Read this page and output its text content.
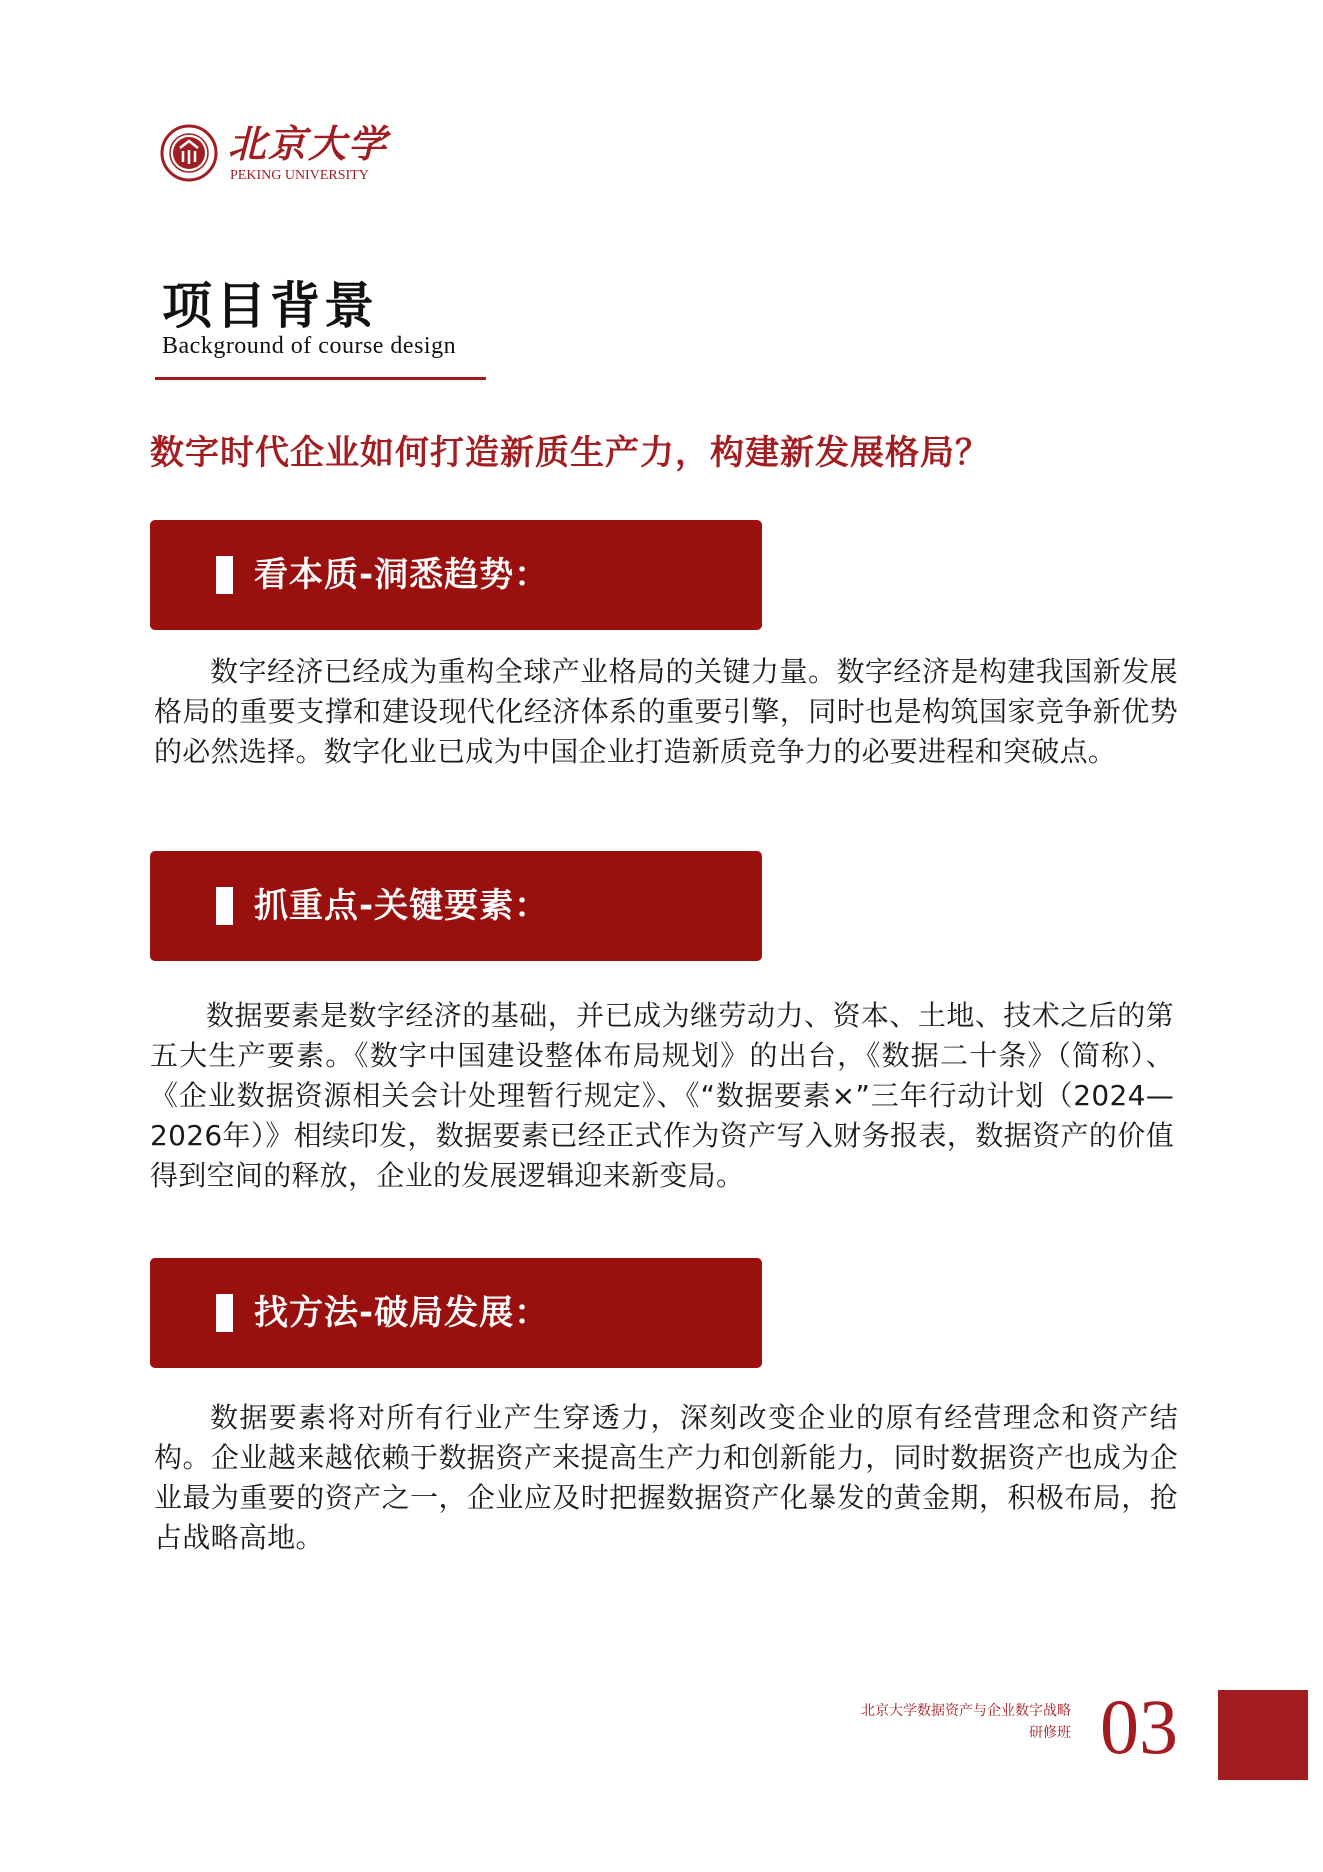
北京大学
PEKING UNIVERSITY
项目背景
Background of course design
数字时代企业如何打造新质生产力，构建新发展格局？
看本质-洞悉趋势：
数字经济已经成为重构全球产业格局的关键力量。数字经济是构建我国新发展格局的重要支撑和建设现代化经济体系的重要引擎，同时也是构筑国家竞争新优势的必然选择。数字化业已成为中国企业打造新质竞争力的必要进程和突破点。
抓重点-关键要素：
数据要素是数字经济的基础，并已成为继劳动力、资本、土地、技术之后的第五大生产要素。《数字中国建设整体布局规划》的出台，《数据二十条》（简称）、《企业数据资源相关会计处理暂行规定》、《“数据要素×”三年行动计划（2024—2026年）》相续印发，数据要素已经正式作为资产写入财务报表，数据资产的价值得到空间的释放，企业的发展逻辑迎来新变局。
找方法-破局发展：
数据要素将对所有行业产生穿透力，深刻改变企业的原有经营理念和资产结构。企业越来越依赖于数据资产来提高生产力和创新能力，同时数据资产也成为企业最为重要的资产之一，企业应及时把握数据资产化暴发的黄金期，积极布局，抢占战略高地。
北京大学数据资产与企业数字战略
研修班 03
